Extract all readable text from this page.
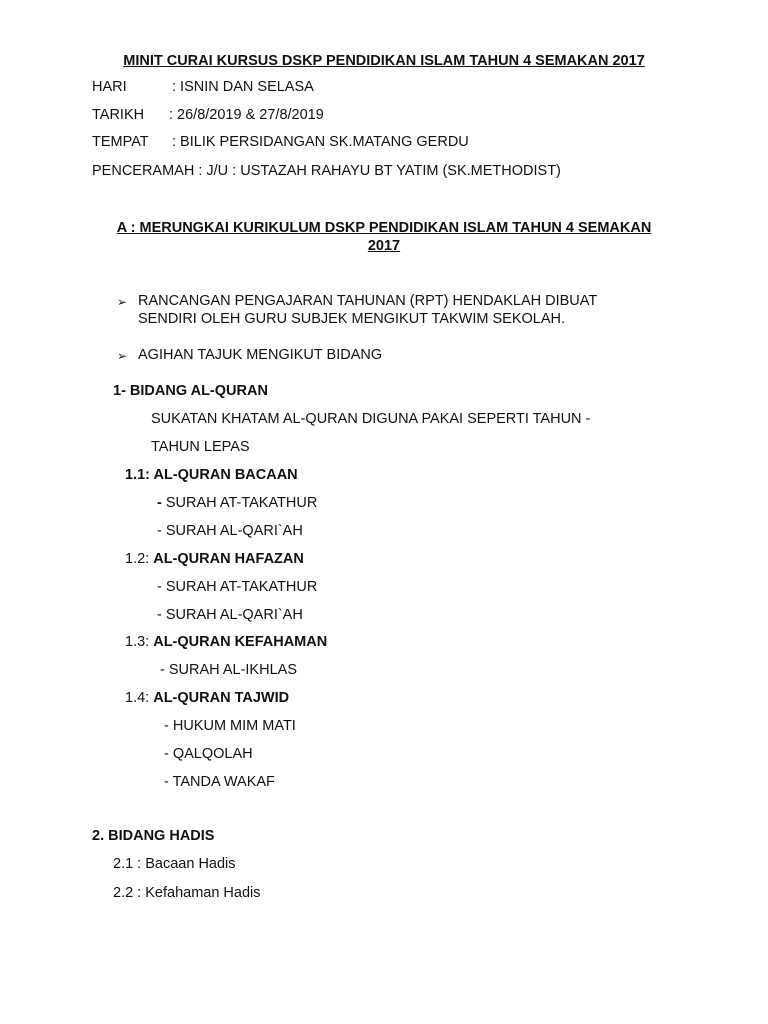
MINIT CURAI KURSUS DSKP PENDIDIKAN ISLAM TAHUN 4 SEMAKAN 2017
HARI	: ISNIN DAN SELASA
TARIKH : 26/8/2019 & 27/8/2019
TEMPAT : BILIK PERSIDANGAN SK.MATANG GERDU
PENCERAMAH : J/U : USTAZAH RAHAYU BT YATIM (SK.METHODIST)
A : MERUNGKAI KURIKULUM DSKP PENDIDIKAN ISLAM TAHUN 4 SEMAKAN
2017
➢ RANCANGAN PENGAJARAN TAHUNAN (RPT) HENDAKLAH DIBUAT
SENDIRI OLEH GURU SUBJEK MENGIKUT TAKWIM SEKOLAH.
➢ AGIHAN TAJUK MENGIKUT BIDANG
1- BIDANG AL-QURAN
SUKATAN KHATAM AL-QURAN DIGUNA PAKAI SEPERTI TAHUN -
TAHUN LEPAS
1.1: AL-QURAN BACAAN
- SURAH AT-TAKATHUR
- SURAH AL-QARI`AH
1.2: AL-QURAN HAFAZAN
- SURAH AT-TAKATHUR
- SURAH AL-QARI`AH
1.3: AL-QURAN KEFAHAMAN
- SURAH AL-IKHLAS
1.4: AL-QURAN TAJWID
- HUKUM MIM MATI
- QALQOLAH
- TANDA WAKAF
2. BIDANG HADIS
2.1 : Bacaan Hadis
2.2 : Kefahaman Hadis
